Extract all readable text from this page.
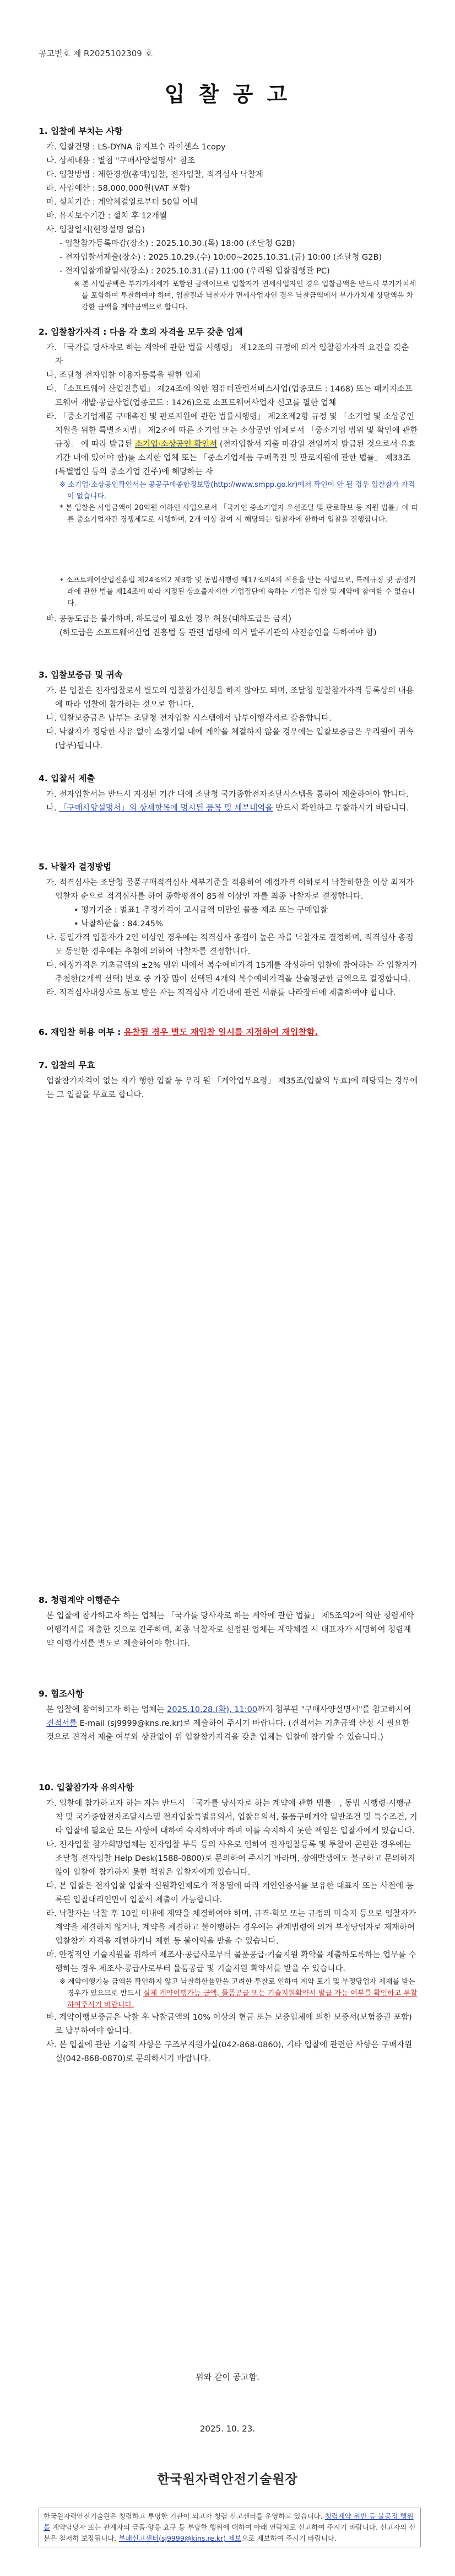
공고번호 제 R2025102309 호
입 찰 공 고
1. 입찰에 부치는 사항
가. 입찰건명 : LS-DYNA 유지보수 라이센스 1copy
나. 상세내용 : 별첨 "구매사양설명서" 참조
다. 입찰방법 : 제한경쟁(총액)입찰, 전자입찰, 적격심사 낙찰제
라. 사업예산 : 58,000,000원(VAT 포함)
마. 설치기간 : 계약체결일로부터 50일 이내
바. 유지보수기간 : 설치 후 12개월
사. 입찰일시(현장설명 없음)
- 입찰참가등록마감(장소) : 2025.10.30.(목) 18:00 (조달청 G2B)
- 전자입찰서제출(장소) : 2025.10.29.(수) 10:00~2025.10.31.(금) 10:00 (조달청 G2B)
- 전자입찰개찰일시(장소) : 2025.10.31.(금) 11:00 (우리원 입찰집행관 PC)
※ 본 사업공백은 부가가치세가 포함된 금액이므로 입찰자가 면세사업자인 경우 입찰금액은 반드시 부가가치세를 포함하여 투찰하여야 하며, 입찰결과 낙찰자가 면세사업자인 경우 낙찰금액에서 부가가치세 상당액을 차감한 금액을 계약금액으로 합니다.
2. 입찰참가자격 : 다음 각 호의 자격을 모두 갖춘 업체
가. 「국가를 당사자로 하는 계약에 관한 법률 시행령」 제12조의 규정에 의거 입찰참가자격 요건을 갖춘 자
나. 조달청 전자입찰 이용자등록을 필한 업체
다. 「소프트웨어 산업진흥법」 제24조에 의한 컴퓨터관련서비스사업(업종코드 : 1468) 또는 패키지소프트웨어 개발·공급사업(업종코드 : 1426)으로 소프트웨어사업자 신고를 필한 업체
라. 「중소기업제품 구매촉진 및 판로지원에 관한 법률시행령」 제2조제2항 규정 및 「소기업 및 소상공인 지원을 위한 특별조치법」 제2조에 따른 소기업 또는 소상공인 업체로서 「중소기업 범위 및 확인에 관한 규정」 에 따라 발급된 소기업·소상공인 확인서 (전자입찰서 제출 마감일 전일까지 발급된 것으로서 유효기간 내에 있어야 함)를 소지한 업체 또는 「중소기업제품 구매촉진 및 판로지원에 관한 법률」 제33조(특별법인 등의 중소기업 간주)에 해당하는 자
※ 소기업·소상공인확인서는 공공구매종합정보망(http://www.smpp.go.kr)에서 확인이 안 될 경우 입찰참가 자격이 없습니다.
* 본 입찰은 사업금액이 20억원 이하인 사업으로서 「국가인 중소기업자 우선조달 및 판로확보 등 지원 법률」에 따른 중소기업자간 경쟁제도로 시행하며, 2개 이상 참여 시 해당되는 입찰자에 한하여 입찰을 진행합니다.
• 소프트웨어산업진흥법 제24조의2 제3항 및 동법시행령 제17조의4의 적용을 받는 사업으로, 특례규정 및 공정거래에 관한 법률 제14조에 따라 지정된 상호출자제한 기업집단에 속하는 기업은 입찰 및 계약에 참여할 수 없습니다.
바. 공동도급은 불가하며, 하도급이 필요한 경우 허용(대하도급은 금지)
(하도급은 소프트웨어산업 진흥법 등 관련 법령에 의거 발주기관의 사전승인을 득하여야 함)
3. 입찰보증금 및 귀속
가. 본 입찰은 전자입찰로서 별도의 입찰참가신청을 하지 않아도 되며, 조달청 입찰참가자격 등록상의 내용에 따라 입찰에 참가하는 것으로 합니다.
나. 입찰보증금은 납부는 조달청 전자입찰 시스템에서 납부이행각서로 갈음합니다.
다. 낙찰자가 정당한 사유 없이 소정기일 내에 계약을 체결하지 않을 경우에는 입찰보증금은 우리원에 귀속(납부)됩니다.
4. 입찰서 제출
가. 전자입찰서는 반드시 지정된 기간 내에 조달청 국가종합전자조달시스템을 통하여 제출하여야 합니다.
나. 「구매사양설명서」의 상세항목에 명시된 품목 및 세부내역을 반드시 확인하고 투찰하시기 바랍니다.
5. 낙찰자 결정방법
가. 적격심사는 조달청 물품구매적격심사 세부기준을 적용하여 예정가격 이하로서 낙찰하한율 이상 최저가 입찰자 순으로 적격심사를 하여 종합평점이 85점 이상인 자를 최종 낙찰자로 결정합니다.
• 평가기준 : 별표1 추정가격이 고시금액 미만인 물품 제조 또는 구매입찰
• 낙찰하한율 : 84.245%
나. 동일가격 입찰자가 2인 이상인 경우에는 적격심사 총점이 높은 자를 낙찰자로 결정하며, 적격심사 총점도 동일한 경우에는 추첨에 의하여 낙찰자를 결정합니다.
다. 예정가격은 기초금액의 ±2% 범위 내에서 복수예비가격 15개를 작성하여 입찰에 참여하는 각 입찰자가 추첨한(2개씩 선택) 번호 중 가장 많이 선택된 4개의 복수예비가격을 산술평균한 금액으로 결정합니다.
라. 적격심사대상자로 통보 받은 자는 적격심사 기간내에 관련 서류를 나라장터에 제출하여야 합니다.
6. 재입찰 허용 여부 : 유찰될 경우 별도 재입찰 일시를 지정하여 재입찰함.
7. 입찰의 무효
입찰참가자격이 없는 자가 행한 입찰 등 우리 원 「계약업무요령」 제35조(입찰의 무효)에 해당되는 경우에는 그 입찰을 무효로 합니다.
8. 청렴계약 이행준수
본 입찰에 참가하고자 하는 업체는 「국가를 당사자로 하는 계약에 관한 법률」 제5조의2에 의한 청렴계약 이행각서를 제출한 것으로 간주하며, 최종 낙찰자로 선정된 업체는 계약체결 시 대표자가 서명하여 청렴계약 이행각서를 별도로 제출하여야 합니다.
9. 협조사항
본 입찰에 참여하고자 하는 업체는 2025.10.28.(화), 11:00까지 첨부된 "구매사양설명서"를 참고하시어 견적서를 E-mail (sj9999@kns.re.kr)로 제출하여 주시기 바랍니다. (견적서는 기초금액 산정 시 필요한 것으로 견적서 제출 여부와 상관없이 위 입찰참가자격을 갖춘 업체는 입찰에 참가할 수 있습니다.)
10. 입찰참가자 유의사항
가. 입찰에 참가하고자 하는 자는 반드시 「국가를 당사자로 하는 계약에 관한 법률」, 동법 시행령·시행규칙 및 국가종합전자조달시스템 전자입찰특별유의서, 입찰유의서, 물품구매계약 일반조건 및 특수조건, 기타 입찰에 필요한 모든 사항에 대하여 숙지하여야 하며 이를 숙지하지 못한 책임은 입찰자에게 있습니다.
나. 전자입찰 참가희망업체는 전자입찰 부득 등의 사유로 인하여 전자입찰등록 및 투찰이 곤란한 경우에는 조달청 전자입찰 Help Desk(1588-0800)로 문의하여 주시기 바라며, 장애발생에도 불구하고 문의하지 않아 입찰에 참가하지 못한 책임은 입찰자에게 있습니다.
다. 본 입찰은 전자입찰 입찰자 신원확인제도가 적용됨에 따라 개인인증서를 보유한 대표자 또는 사전에 등록된 입찰대리인만이 입찰서 제출이 가능합니다.
라. 낙찰자는 낙찰 후 10일 이내에 계약을 체결하여야 하며, 규격·학모 또는 규정의 미숙지 등으로 입찰자가 계약을 체결하지 않거나, 계약을 체결하고 불이행하는 경우에는 관계법령에 의거 부정당업자로 제재하여 입찰참가 자격을 제한하거나 제한 등 불이익을 받을 수 있습니다.
마. 안정적인 기술지원을 위하여 제조사·공급사로부터 물품공급·기술지원 확약을 제출하도록하는 업무를 수행하는 경우 제조사·공급사로부터 물품공급 및 기술지원 확약서를 받을 수 있습니다.
※ 계약이행기능 금액을 확인하지 않고 낙찰하한율만을 고려한 투찰로 인하여 계약 포기 및 부정당업자 제재를 받는 경우가 있으므로 반드시 실제 계약이행가능 금액, 물품공급 또는 기술지원확약서 발급 가능 여부를 확인하고 투찰 하여주시기 바랍니다.
바. 계약이행보증금은 낙찰 후 낙찰금액의 10% 이상의 현금 또는 보증업체에 의한 보증서(보험증권 포함)로 납부하여야 합니다.
사. 본 입찰에 관한 기술적 사항은 구조부지원가실(042-868-0860), 기타 입찰에 관련한 사항은 구매자원실(042-868-0870)로 문의하시기 바랍니다.
위와 같이 공고함.
2025. 10. 23.
한국원자력안전기술원장
한국원자력안전기술원은 청렴하고 투명한 기관이 되고자 청렴 신고센터를 운영하고 있습니다. 청렴계약 위반 등 불공정 행위를 계약담당자 또는 관계자의 금품·향응 요구 등 부당한 행위에 대하여 아래 연락처로 신고하여 주시기 바랍니다. 신고자의 신분은 철저히 보장됩니다. 부패신고센터(sj9999@kins.re.kr) 제보으로 제보하여 주시기 바랍니다.
